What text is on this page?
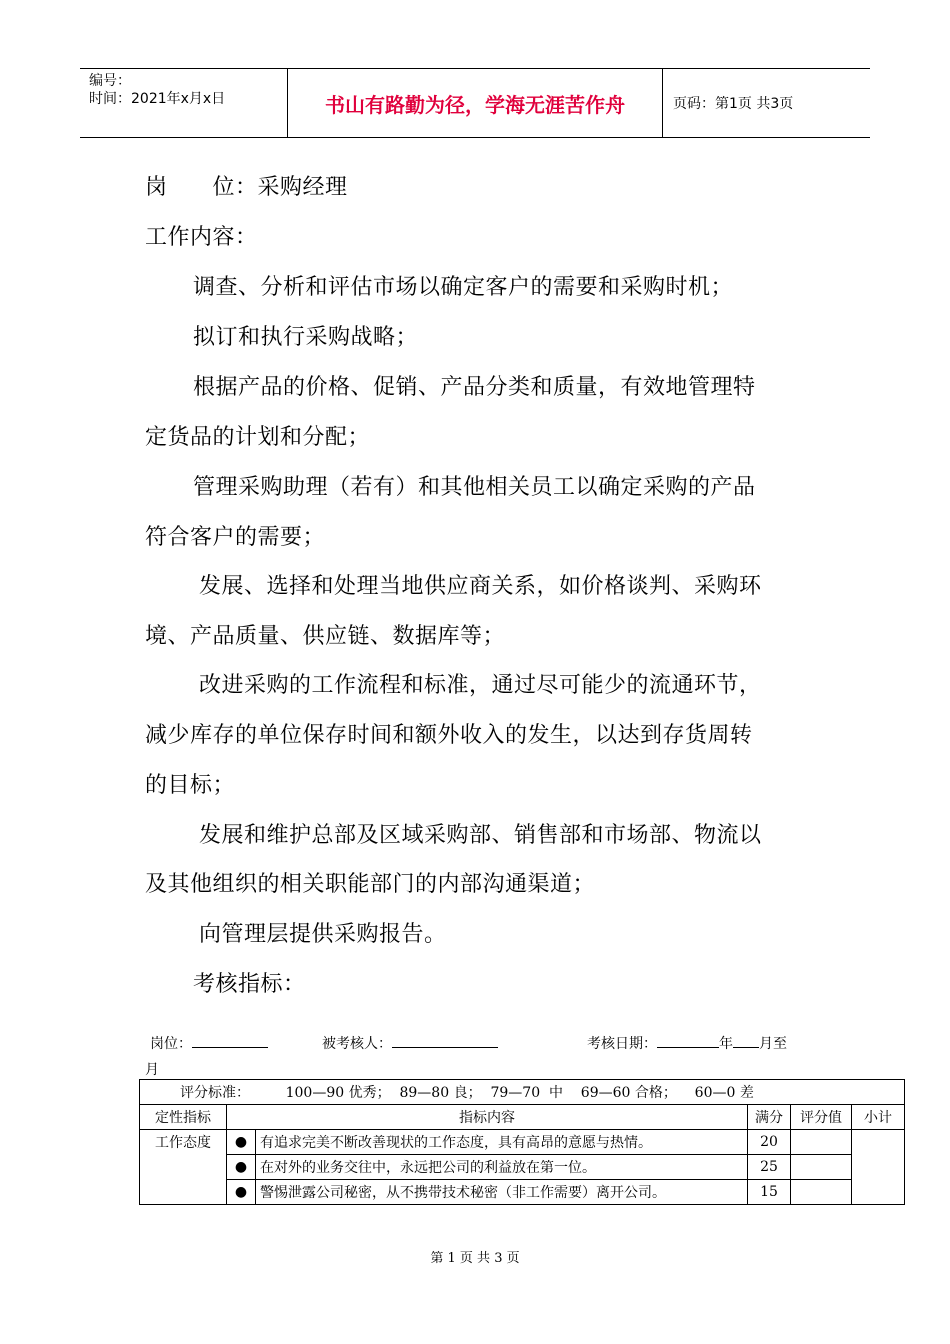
编号：
时间：2021年x月x日	书山有路勤为径，学海无涯苦作舟	页码：第1页 共3页
岗 位：采购经理
工作内容：
调查、分析和评估市场以确定客户的需要和采购时机；
拟订和执行采购战略；
根据产品的价格、促销、产品分类和质量，有效地管理特
定货品的计划和分配；
管理采购助理（若有）和其他相关员工以确定采购的产品
符合客户的需要；
发展、选择和处理当地供应商关系，如价格谈判、采购环
境、产品质量、供应链、数据库等；
改进采购的工作流程和标准，通过尽可能少的流通环节，
减少库存的单位保存时间和额外收入的发生，以达到存货周转
的目标；
发展和维护总部及区域采购部、销售部和市场部、物流以
及其他组织的相关职能部门的内部沟通渠道；
向管理层提供采购报告。
考核指标：
岗位：	被考核人：	考核日期：	年 月至
月
评分标准：        100—90 优秀；  89—80 良；  79—70  中    69—60 合格；    60—0 差					
定性指标	指标内容		满分	评分值	小计
工作态度	●	有追求完美不断改善现状的工作态度，具有高昂的意愿与热情。	20		
	●	在对外的业务交往中，永远把公司的利益放在第一位。	25		
	●	警惕泄露公司秘密，从不携带技术秘密（非工作需要）离开公司。	15		
第 1 页 共 3 页
